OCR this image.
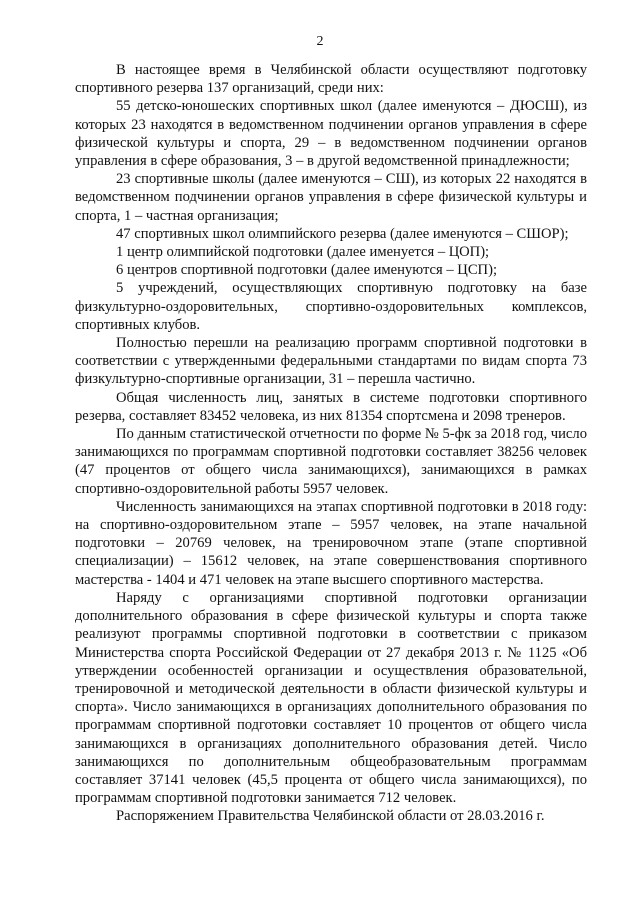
2

В настоящее время в Челябинской области осуществляют подготовку спортивного резерва 137 организаций, среди них:

55 детско-юношеских спортивных школ (далее именуются – ДЮСШ), из которых 23 находятся в ведомственном подчинении органов управления в сфере физической культуры и спорта, 29 – в ведомственном подчинении органов управления в сфере образования, 3 – в другой ведомственной принадлежности;

23 спортивные школы (далее именуются – СШ), из которых 22 находятся в ведомственном подчинении органов управления в сфере физической культуры и спорта, 1 – частная организация;

47 спортивных школ олимпийского резерва (далее именуются – СШОР);

1 центр олимпийской подготовки (далее именуется – ЦОП);

6 центров спортивной подготовки (далее именуются – ЦСП);

5 учреждений, осуществляющих спортивную подготовку на базе физкультурно-оздоровительных, спортивно-оздоровительных комплексов, спортивных клубов.

Полностью перешли на реализацию программ спортивной подготовки в соответствии с утвержденными федеральными стандартами по видам спорта 73 физкультурно-спортивные организации, 31 – перешла частично.

Общая численность лиц, занятых в системе подготовки спортивного резерва, составляет 83452 человека, из них 81354 спортсмена и 2098 тренеров.

По данным статистической отчетности по форме № 5-фк за 2018 год, число занимающихся по программам спортивной подготовки составляет 38256 человек (47 процентов от общего числа занимающихся), занимающихся в рамках спортивно-оздоровительной работы 5957 человек.

Численность занимающихся на этапах спортивной подготовки в 2018 году: на спортивно-оздоровительном этапе – 5957 человек, на этапе начальной подготовки – 20769 человек, на тренировочном этапе (этапе спортивной специализации) – 15612 человек, на этапе совершенствования спортивного мастерства - 1404 и 471 человек на этапе высшего спортивного мастерства.

Наряду с организациями спортивной подготовки организации дополнительного образования в сфере физической культуры и спорта также реализуют программы спортивной подготовки в соответствии с приказом Министерства спорта Российской Федерации от 27 декабря 2013 г. № 1125 «Об утверждении особенностей организации и осуществления образовательной, тренировочной и методической деятельности в области физической культуры и спорта». Число занимающихся в организациях дополнительного образования по программам спортивной подготовки составляет 10 процентов от общего числа занимающихся в организациях дополнительного образования детей. Число занимающихся по дополнительным общеобразовательным программам составляет 37141 человек (45,5 процента от общего числа занимающихся), по программам спортивной подготовки занимается 712 человек.

Распоряжением Правительства Челябинской области от 28.03.2016 г.
